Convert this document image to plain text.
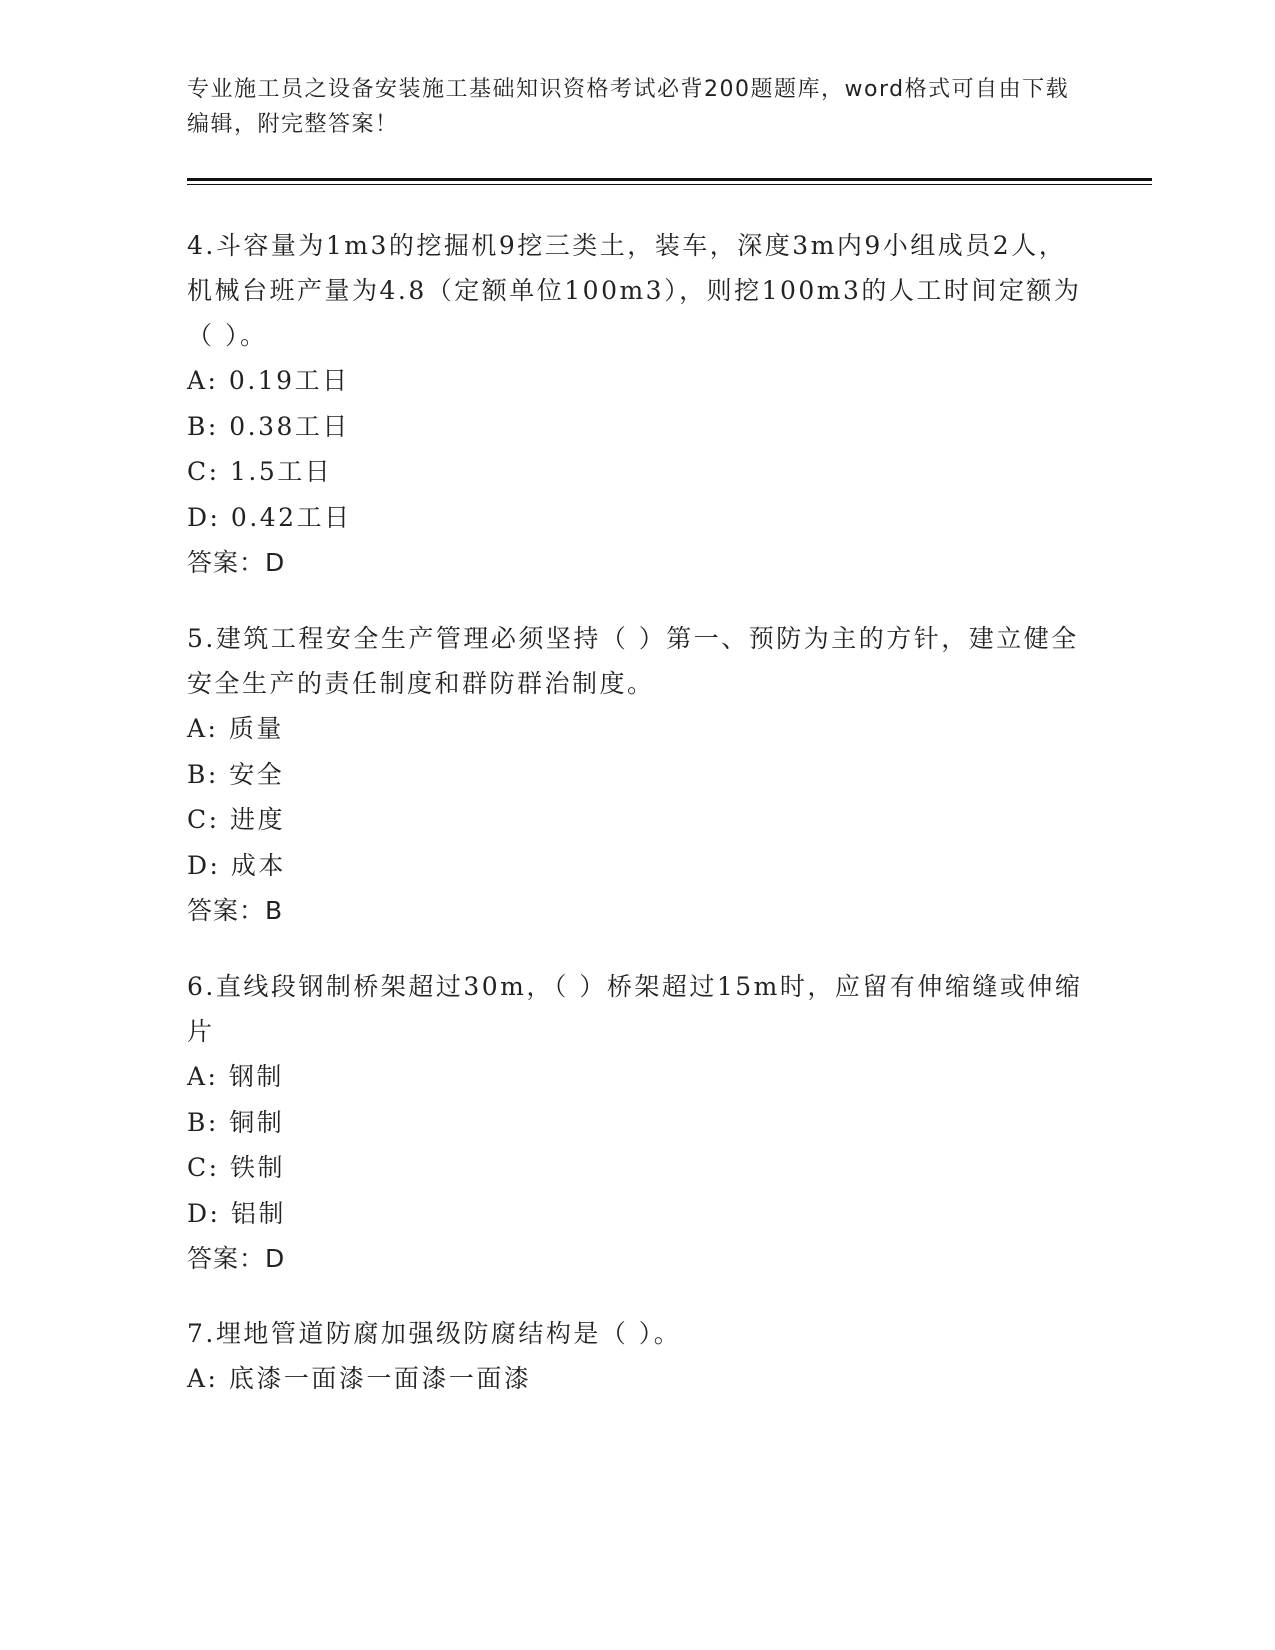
专业施工员之设备安装施工基础知识资格考试必背200题题库，word格式可自由下载编辑，附完整答案！
4.斗容量为1m3的挖掘机9挖三类土，装车，深度3m内9小组成员2人，机械台班产量为4.8（定额单位100m3），则挖100m3的人工时间定额为（ ）。
A: 0.19工日
B: 0.38工日
C: 1.5工日
D: 0.42工日
答案：D
5.建筑工程安全生产管理必须坚持（ ）第一、预防为主的方针，建立健全安全生产的责任制度和群防群治制度。
A: 质量
B: 安全
C: 进度
D: 成本
答案：B
6.直线段钢制桥架超过30m，（ ）桥架超过15m时，应留有伸缩缝或伸缩片
A: 钢制
B: 铜制
C: 铁制
D: 铝制
答案：D
7.埋地管道防腐加强级防腐结构是（ ）。
A: 底漆一面漆一面漆一面漆
